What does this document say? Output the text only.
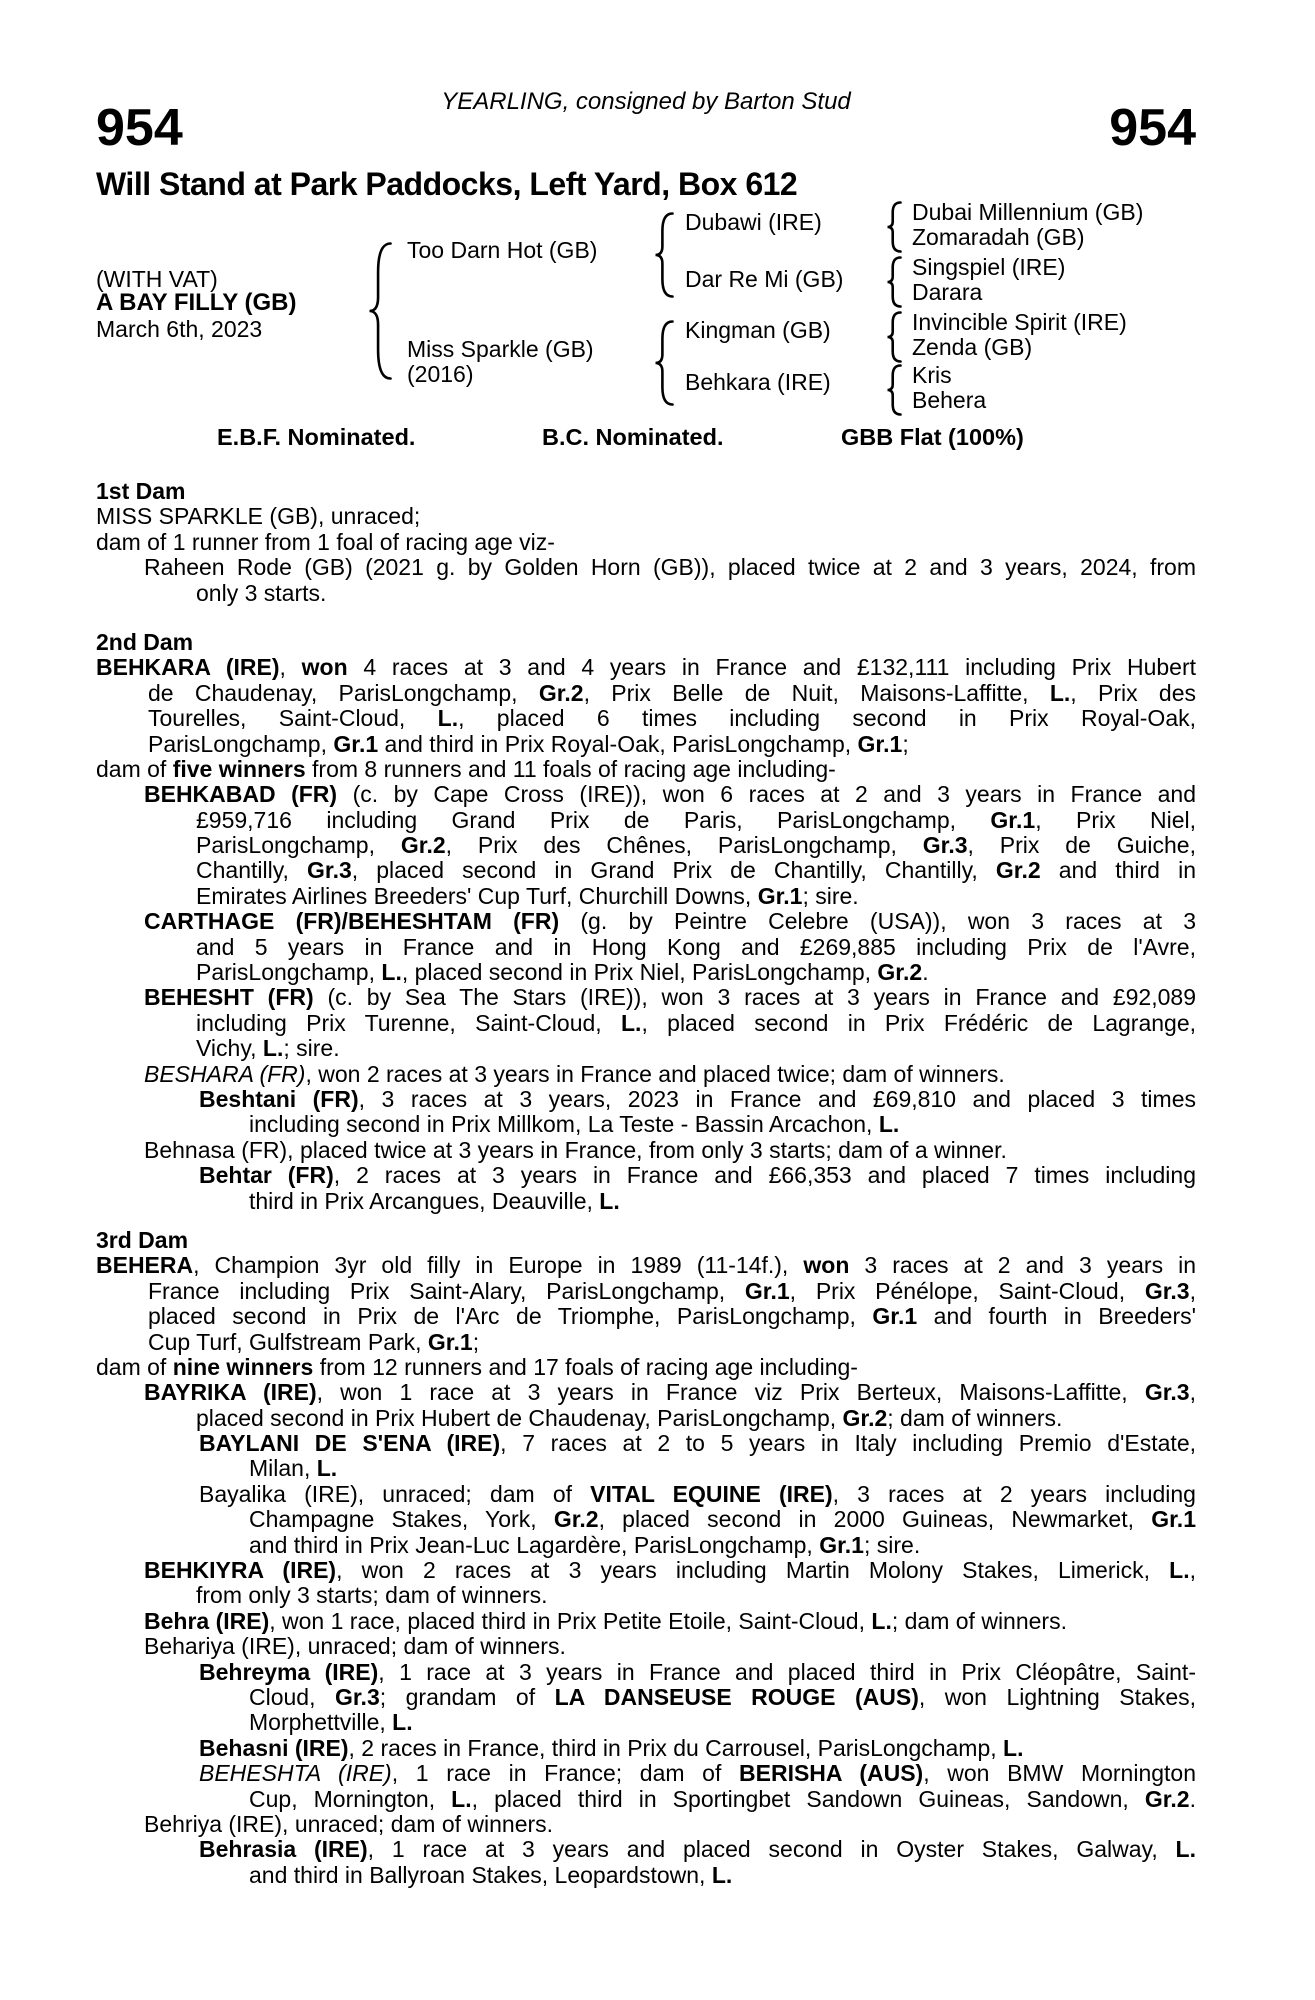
YEARLING, consigned by Barton Stud
954	954
Will Stand at Park Paddocks, Left Yard, Box 612
(WITH VAT)
A BAY FILLY (GB)
March 6th, 2023
Too Darn Hot (GB)
Miss Sparkle (GB)
(2016)
Dubawi (IRE)
Dar Re Mi (GB)
Kingman (GB)
Behkara (IRE)
Dubai Millennium (GB)
Zomaradah (GB)
Singspiel (IRE)
Darara
Invincible Spirit (IRE)
Zenda (GB)
Kris
Behera
E.B.F. Nominated.	B.C. Nominated.	GBB Flat (100%)
1st Dam
MISS SPARKLE (GB), unraced;
dam of 1 runner from 1 foal of racing age viz-
Raheen Rode (GB) (2021 g. by Golden Horn (GB)), placed twice at 2 and 3 years, 2024, from
only 3 starts.
2nd Dam
BEHKARA (IRE), won 4 races at 3 and 4 years in France and £132,111 including Prix Hubert
de Chaudenay, ParisLongchamp, Gr.2, Prix Belle de Nuit, Maisons-Laffitte, L., Prix des
Tourelles, Saint-Cloud, L., placed 6 times including second in Prix Royal-Oak,
ParisLongchamp, Gr.1 and third in Prix Royal-Oak, ParisLongchamp, Gr.1;
dam of five winners from 8 runners and 11 foals of racing age including-
BEHKABAD (FR) (c. by Cape Cross (IRE)), won 6 races at 2 and 3 years in France and
£959,716 including Grand Prix de Paris, ParisLongchamp, Gr.1, Prix Niel,
ParisLongchamp, Gr.2, Prix des Chênes, ParisLongchamp, Gr.3, Prix de Guiche,
Chantilly, Gr.3, placed second in Grand Prix de Chantilly, Chantilly, Gr.2 and third in
Emirates Airlines Breeders' Cup Turf, Churchill Downs, Gr.1; sire.
CARTHAGE (FR)/BEHESHTAM (FR) (g. by Peintre Celebre (USA)), won 3 races at 3
and 5 years in France and in Hong Kong and £269,885 including Prix de l'Avre,
ParisLongchamp, L., placed second in Prix Niel, ParisLongchamp, Gr.2.
BEHESHT (FR) (c. by Sea The Stars (IRE)), won 3 races at 3 years in France and £92,089
including Prix Turenne, Saint-Cloud, L., placed second in Prix Frédéric de Lagrange,
Vichy, L.; sire.
BESHARA (FR), won 2 races at 3 years in France and placed twice; dam of winners.
Beshtani (FR), 3 races at 3 years, 2023 in France and £69,810 and placed 3 times
including second in Prix Millkom, La Teste - Bassin Arcachon, L.
Behnasa (FR), placed twice at 3 years in France, from only 3 starts; dam of a winner.
Behtar (FR), 2 races at 3 years in France and £66,353 and placed 7 times including
third in Prix Arcangues, Deauville, L.
3rd Dam
BEHERA, Champion 3yr old filly in Europe in 1989 (11-14f.), won 3 races at 2 and 3 years in
France including Prix Saint-Alary, ParisLongchamp, Gr.1, Prix Pénélope, Saint-Cloud, Gr.3,
placed second in Prix de l'Arc de Triomphe, ParisLongchamp, Gr.1 and fourth in Breeders'
Cup Turf, Gulfstream Park, Gr.1;
dam of nine winners from 12 runners and 17 foals of racing age including-
BAYRIKA (IRE), won 1 race at 3 years in France viz Prix Berteux, Maisons-Laffitte, Gr.3,
placed second in Prix Hubert de Chaudenay, ParisLongchamp, Gr.2; dam of winners.
BAYLANI DE S'ENA (IRE), 7 races at 2 to 5 years in Italy including Premio d'Estate,
Milan, L.
Bayalika (IRE), unraced; dam of VITAL EQUINE (IRE), 3 races at 2 years including
Champagne Stakes, York, Gr.2, placed second in 2000 Guineas, Newmarket, Gr.1
and third in Prix Jean-Luc Lagardère, ParisLongchamp, Gr.1; sire.
BEHKIYRA (IRE), won 2 races at 3 years including Martin Molony Stakes, Limerick, L.,
from only 3 starts; dam of winners.
Behra (IRE), won 1 race, placed third in Prix Petite Etoile, Saint-Cloud, L.; dam of winners.
Behariya (IRE), unraced; dam of winners.
Behreyma (IRE), 1 race at 3 years in France and placed third in Prix Cléopâtre, Saint-
Cloud, Gr.3; grandam of LA DANSEUSE ROUGE (AUS), won Lightning Stakes,
Morphettville, L.
Behasni (IRE), 2 races in France, third in Prix du Carrousel, ParisLongchamp, L.
BEHESHTA (IRE), 1 race in France; dam of BERISHA (AUS), won BMW Mornington
Cup, Mornington, L., placed third in Sportingbet Sandown Guineas, Sandown, Gr.2.
Behriya (IRE), unraced; dam of winners.
Behrasia (IRE), 1 race at 3 years and placed second in Oyster Stakes, Galway, L.
and third in Ballyroan Stakes, Leopardstown, L.
